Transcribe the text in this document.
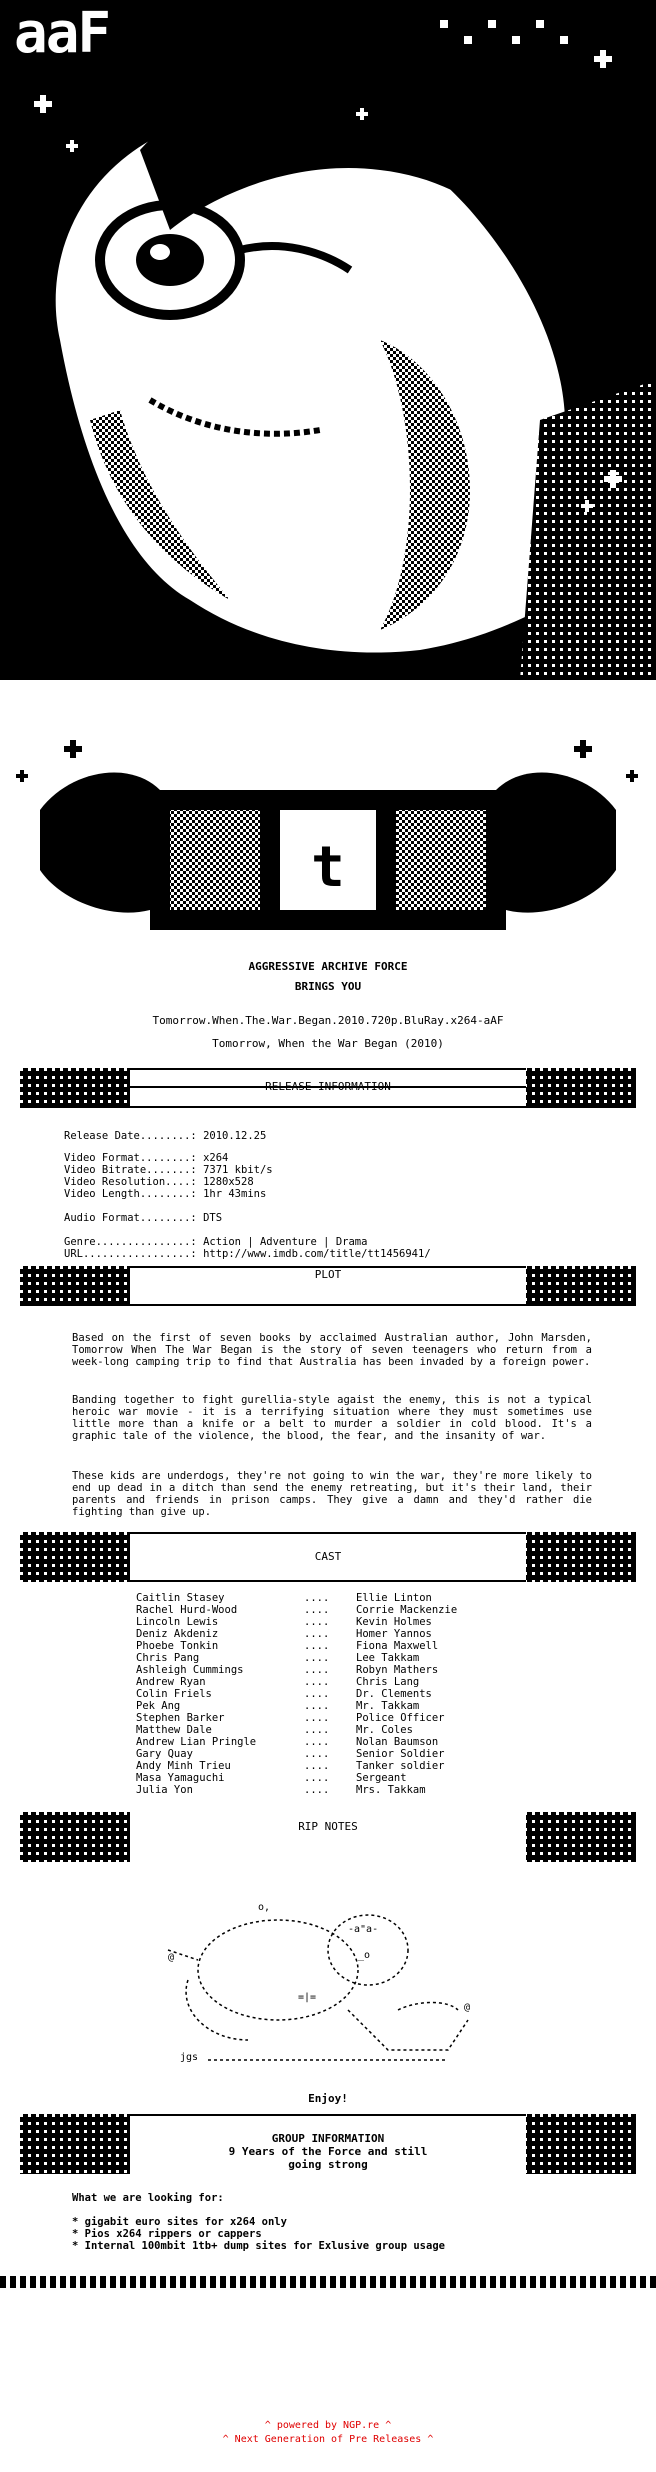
aaF
t
AGGRESSIVE ARCHIVE FORCE
BRINGS YOU
Tomorrow.When.The.War.Began.2010.720p.BluRay.x264-aAF
Tomorrow, When the War Began (2010)
RELEASE INFORMATION
Release Date........: 2010.12.25
Video Format........: x264
Video Bitrate.......: 7371 kbit/s
Video Resolution....: 1280x528
Video Length........: 1hr 43mins
Audio Format........: DTS
Genre...............: Action | Adventure | Drama
URL.................: http://www.imdb.com/title/tt1456941/
PLOT
Based on the first of seven books by acclaimed Australian author, John Marsden, Tomorrow When The War Began is the story of seven teenagers who return from a week-long camping trip to find that Australia has been invaded by a foreign power.
Banding together to fight gurellia-style agaist the enemy, this is not a typical heroic war movie - it is a terrifying situation where they must sometimes use little more than a knife or a belt to murder a soldier in cold blood. It's a graphic tale of the violence, the blood, the fear, and the insanity of war.
These kids are underdogs, they're not going to win the war, they're more likely to end up dead in a ditch than send the enemy retreating, but it's their land, their parents and friends in prison camps. They give a damn and they'd rather die fighting than give up.
CAST
Caitlin Stasey	....	Ellie Linton
Rachel Hurd-Wood	....	Corrie Mackenzie
Lincoln Lewis	....	Kevin Holmes
Deniz Akdeniz	....	Homer Yannos
Phoebe Tonkin	....	Fiona Maxwell
Chris Pang	....	Lee Takkam
Ashleigh Cummings	....	Robyn Mathers
Andrew Ryan	....	Chris Lang
Colin Friels	....	Dr. Clements
Pek Ang	....	Mr. Takkam
Stephen Barker	....	Police Officer
Matthew Dale	....	Mr. Coles
Andrew Lian Pringle	....	Nolan Baumson
Gary Quay	....	Senior Soldier
Andy Minh Trieu	....	Tanker soldier
Masa Yamaguchi	....	Sergeant
Julia Yon	....	Mrs. Takkam
RIP NOTES
o,
-a"a-
_o
@
@
=|=
jgs
Enjoy!
GROUP INFORMATION
9 Years of the Force and still
going strong
What we are looking for:
* gigabit euro sites for x264 only
* Pios x264 rippers or cappers
* Internal 100mbit 1tb+ dump sites for Exlusive group usage
^ powered by NGP.re ^
^ Next Generation of Pre Releases ^
